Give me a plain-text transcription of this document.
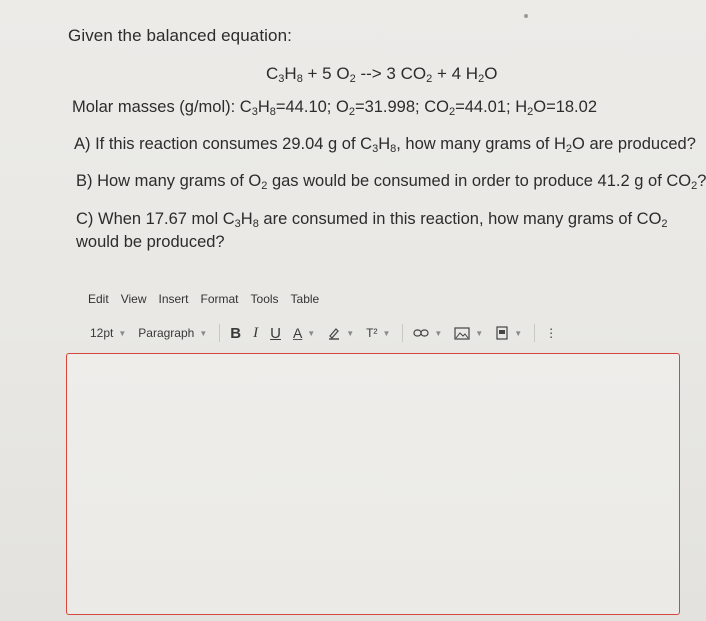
Given the balanced equation:
$C_3H_8 + 5$ $O_2$ --> 3 $CO_2 + 4$ $H_2O$
Molar masses (g/mol): $C_3H_8=44.10$; $O_2=31.998$; $CO_2=44.01$; $H_2O=18.02$
A) If this reaction consumes 29.04 g of $C_3H_8$, how many grams of $H_2O$ are produced?
B) How many grams of $O_2$ gas would be consumed in order to produce 41.2 g of $CO_2$?
C) When 17.67 mol $C_3H_8$ are consumed in this reaction, how many grams of $CO_2$
would be produced?
Edit View Insert Format Tools Table
12pt ▼ Paragraph ▼ B I U A ▼	▼ T² ▼	▼	▼	▼ ⋮
